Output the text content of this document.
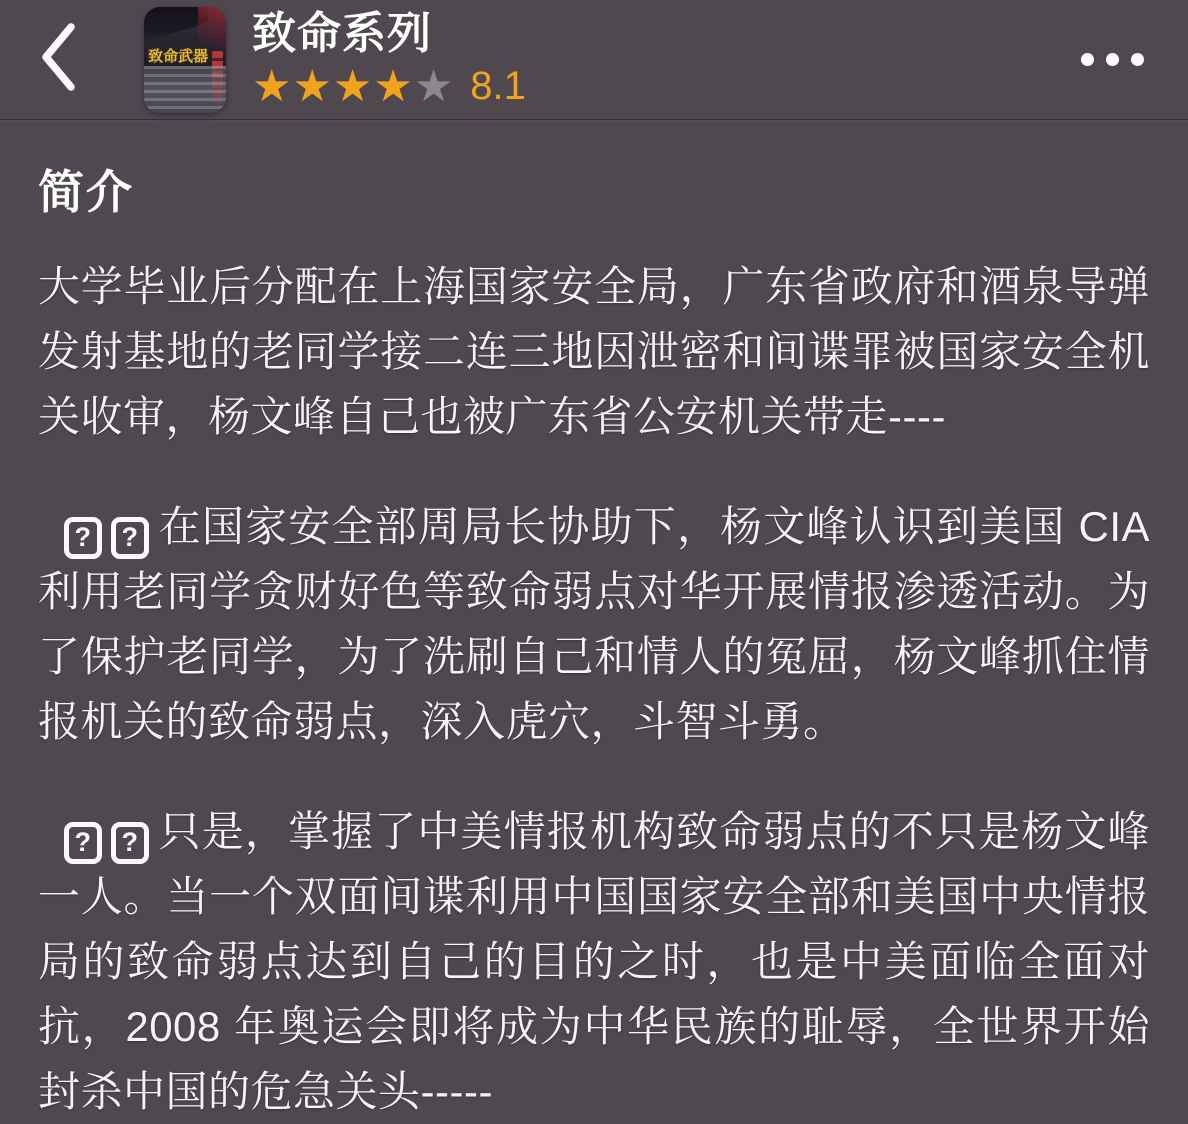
致命武器 致命系列
★ ★ ★ ★ ★ 8.1
简介

大学毕业后分配在上海国家安全局，广东省政府和酒泉导弹发射基地的老同学接二连三地因泄密和间谍罪被国家安全机关收审，杨文峰自己也被广东省公安机关带走----

? ? 在国家安全部周局长协助下，杨文峰认识到美国 CIA 利用老同学贪财好色等致命弱点对华开展情报渗透活动。为了保护老同学，为了洗刷自己和情人的冤屈，杨文峰抓住情报机关的致命弱点，深入虎穴，斗智斗勇。

? ? 只是，掌握了中美情报机构致命弱点的不只是杨文峰一人。当一个双面间谍利用中国国家安全部和美国中央情报局的致命弱点达到自己的目的之时，也是中美面临全面对抗，2008 年奥运会即将成为中华民族的耻辱，全世界开始封杀中国的危急关头-----
